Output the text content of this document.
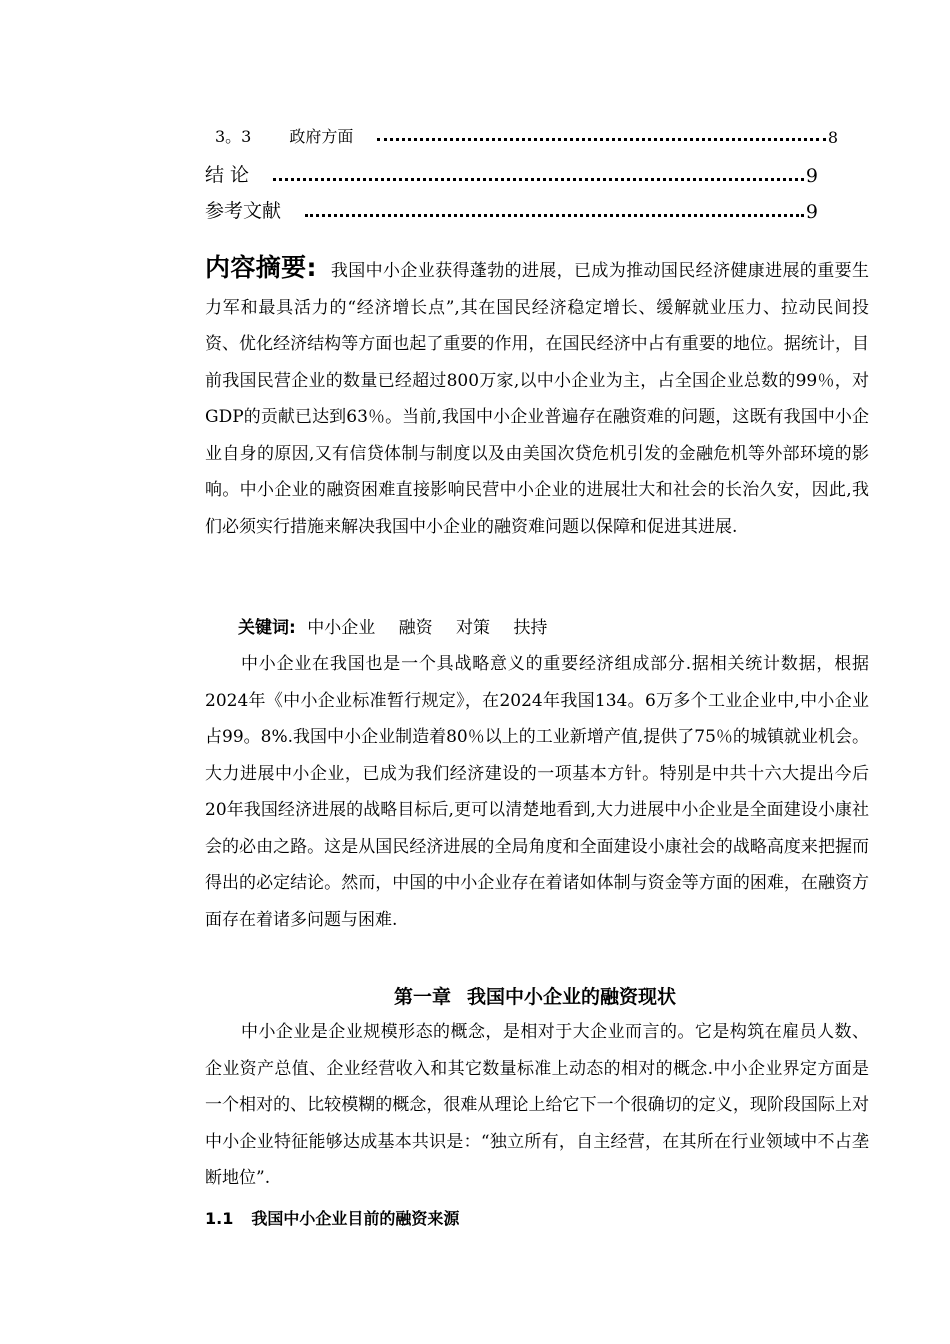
3。3 政府方面	8
结 论	9
参考文献	9
内容摘要: 我国中小企业获得蓬勃的进展，已成为推动国民经济健康进展的重要生力军和最具活力的“经济增长点”,其在国民经济稳定增长、缓解就业压力、拉动民间投资、优化经济结构等方面也起了重要的作用，在国民经济中占有重要的地位。据统计，目前我国民营企业的数量已经超过800万家,以中小企业为主，占全国企业总数的99％，对GDP的贡献已达到63％。当前,我国中小企业普遍存在融资难的问题，这既有我国中小企业自身的原因,又有信贷体制与制度以及由美国次贷危机引发的金融危机等外部环境的影响。中小企业的融资困难直接影响民营中小企业的进展壮大和社会的长治久安，因此,我们必须实行措施来解决我国中小企业的融资难问题以保障和促进其进展.
关键词: 中小企业 融资 对策 扶持
中小企业在我国也是一个具战略意义的重要经济组成部分.据相关统计数据，根据2024年《中小企业标准暂行规定》，在2024年我国134。6万多个工业企业中,中小企业占99。8%.我国中小企业制造着80％以上的工业新增产值,提供了75％的城镇就业机会。大力进展中小企业，已成为我们经济建设的一项基本方针。特别是中共十六大提出今后20年我国经济进展的战略目标后,更可以清楚地看到,大力进展中小企业是全面建设小康社会的必由之路。这是从国民经济进展的全局角度和全面建设小康社会的战略高度来把握而得出的必定结论。然而，中国的中小企业存在着诸如体制与资金等方面的困难，在融资方面存在着诸多问题与困难.
第一章 我国中小企业的融资现状
中小企业是企业规模形态的概念，是相对于大企业而言的。它是构筑在雇员人数、企业资产总值、企业经营收入和其它数量标准上动态的相对的概念.中小企业界定方面是一个相对的、比较模糊的概念，很难从理论上给它下一个很确切的定义，现阶段国际上对中小企业特征能够达成基本共识是：“独立所有，自主经营，在其所在行业领域中不占垄断地位”.
1.1 我国中小企业目前的融资来源
